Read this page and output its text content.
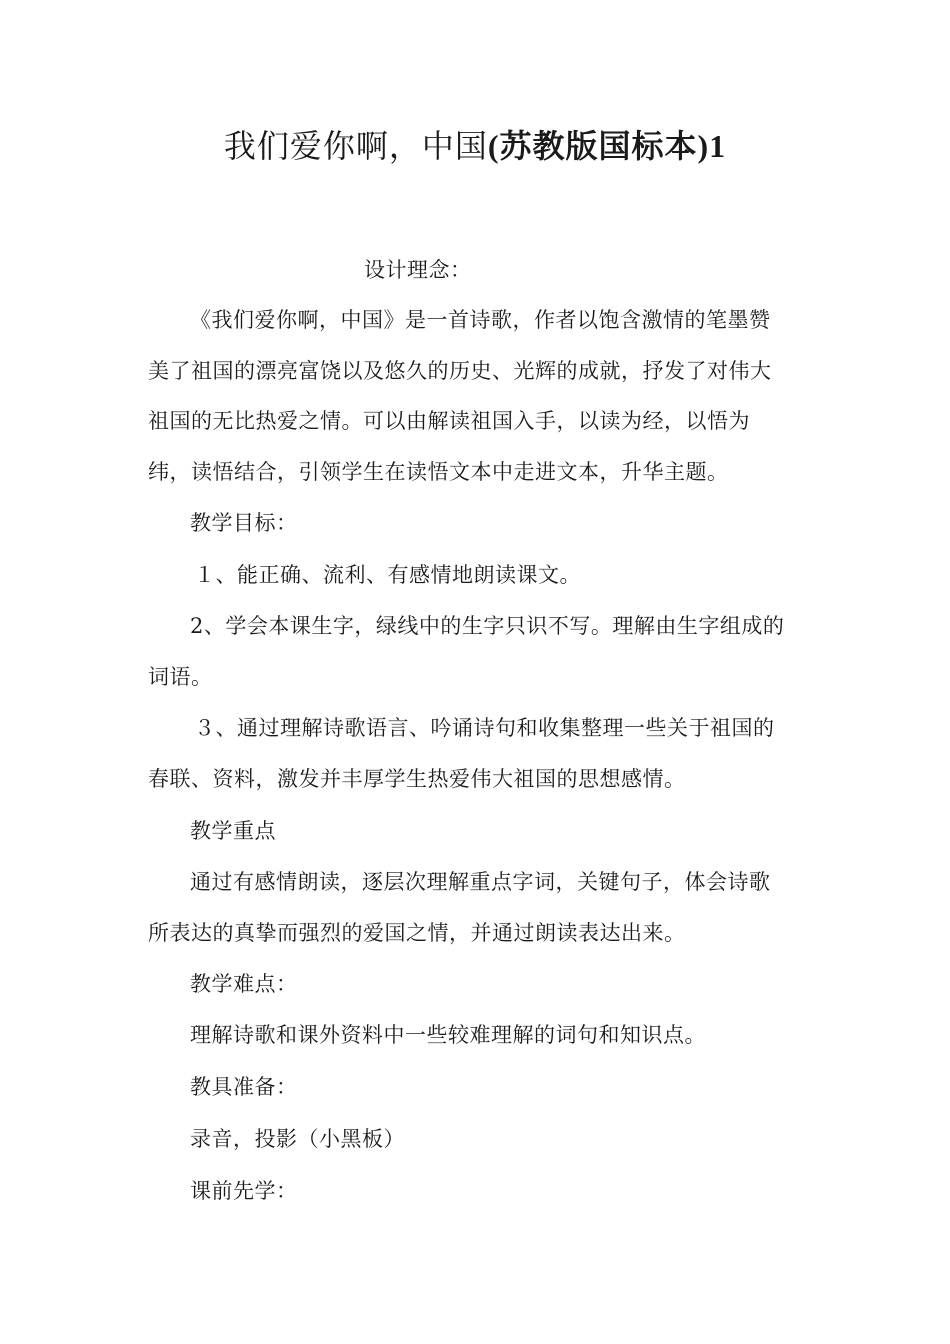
我们爱你啊，中国(苏教版国标本)1
设计理念：
《我们爱你啊，中国》是一首诗歌，作者以饱含激情的笔墨赞
美了祖国的漂亮富饶以及悠久的历史、光辉的成就，抒发了对伟大
祖国的无比热爱之情。可以由解读祖国入手，以读为经，以悟为
纬，读悟结合，引领学生在读悟文本中走进文本，升华主题。
教学目标：
１、能正确、流利、有感情地朗读课文。
2、学会本课生字，绿线中的生字只识不写。理解由生字组成的
词语。
３、通过理解诗歌语言、吟诵诗句和收集整理一些关于祖国的
春联、资料，激发并丰厚学生热爱伟大祖国的思想感情。
教学重点
通过有感情朗读，逐层次理解重点字词，关键句子，体会诗歌
所表达的真挚而强烈的爱国之情，并通过朗读表达出来。
教学难点：
理解诗歌和课外资料中一些较难理解的词句和知识点。
教具准备：
录音，投影（小黑板）
课前先学：
